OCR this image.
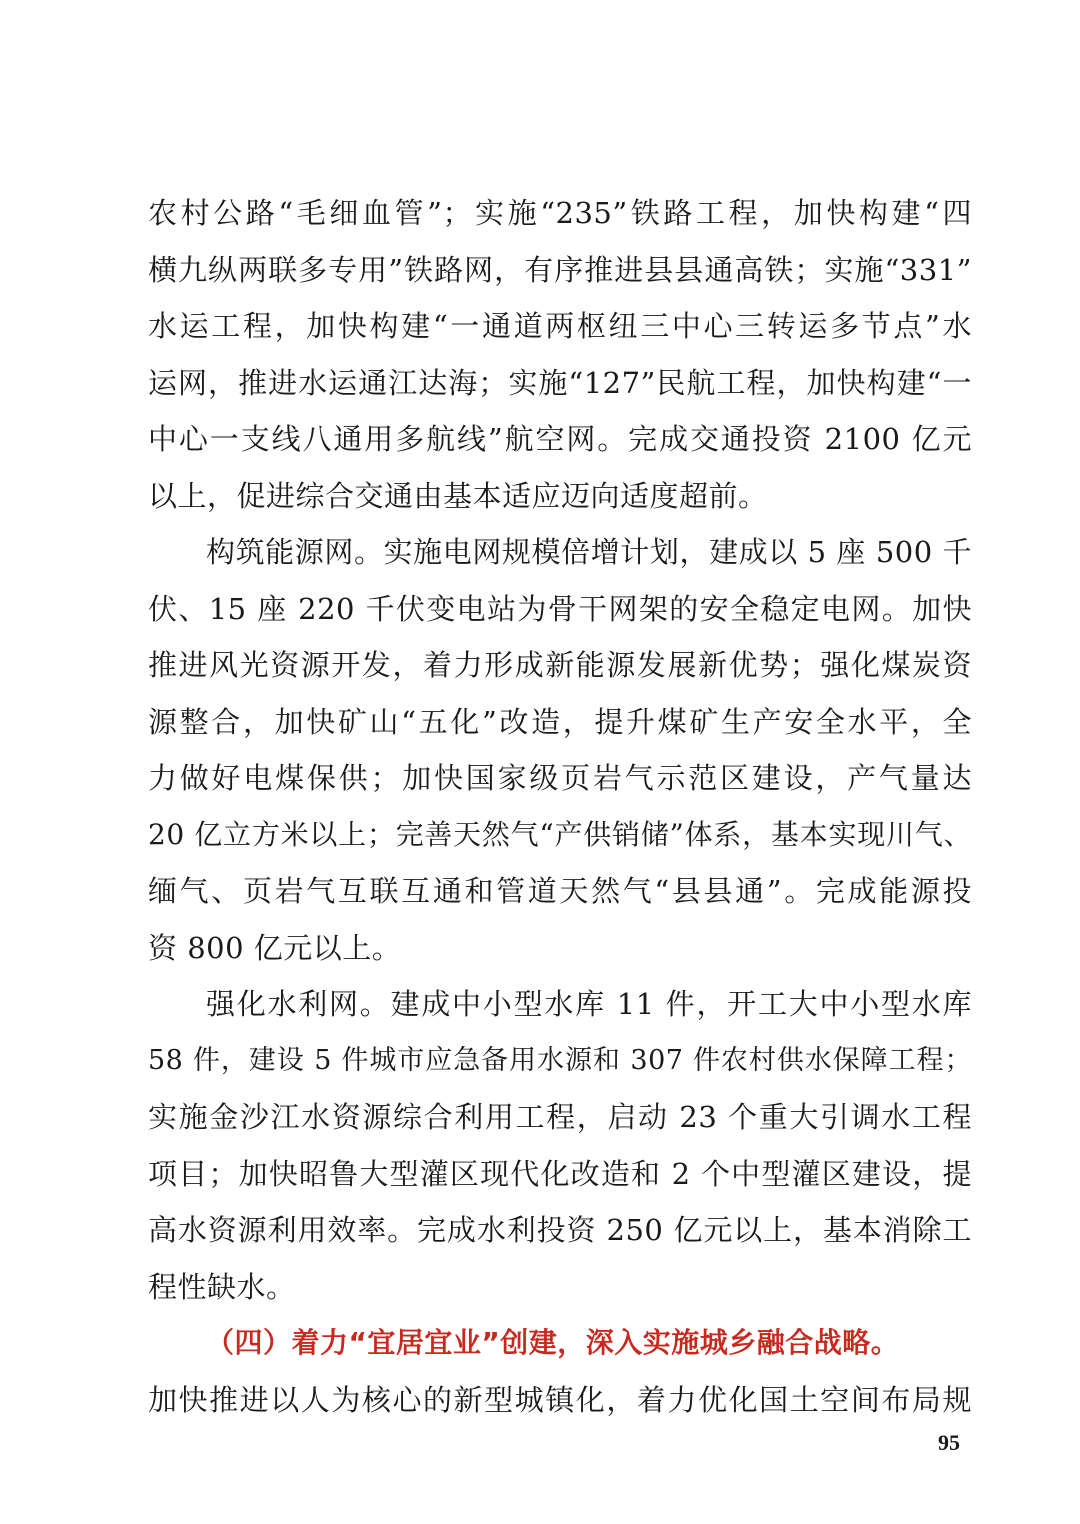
农村公路“毛细血管”；实施“235”铁路工程，加快构建“四
横九纵两联多专用”铁路网，有序推进县县通高铁；实施“331”
水运工程，加快构建“一通道两枢纽三中心三转运多节点”水
运网，推进水运通江达海；实施“127”民航工程，加快构建“一
中心一支线八通用多航线”航空网。完成交通投资 2100 亿元
以上，促进综合交通由基本适应迈向适度超前。
构筑能源网。实施电网规模倍增计划，建成以 5 座 500 千
伏、15 座 220 千伏变电站为骨干网架的安全稳定电网。加快
推进风光资源开发，着力形成新能源发展新优势；强化煤炭资
源整合，加快矿山“五化”改造，提升煤矿生产安全水平，全
力做好电煤保供；加快国家级页岩气示范区建设，产气量达
20 亿立方米以上；完善天然气“产供销储”体系，基本实现川气、
缅气、页岩气互联互通和管道天然气“县县通”。完成能源投
资 800 亿元以上。
强化水利网。建成中小型水库 11 件，开工大中小型水库
58 件，建设 5 件城市应急备用水源和 307 件农村供水保障工程；
实施金沙江水资源综合利用工程，启动 23 个重大引调水工程
项目；加快昭鲁大型灌区现代化改造和 2 个中型灌区建设，提
高水资源利用效率。完成水利投资 250 亿元以上，基本消除工
程性缺水。
（四）着力“宜居宜业”创建，深入实施城乡融合战略。
加快推进以人为核心的新型城镇化，着力优化国土空间布局规
95
